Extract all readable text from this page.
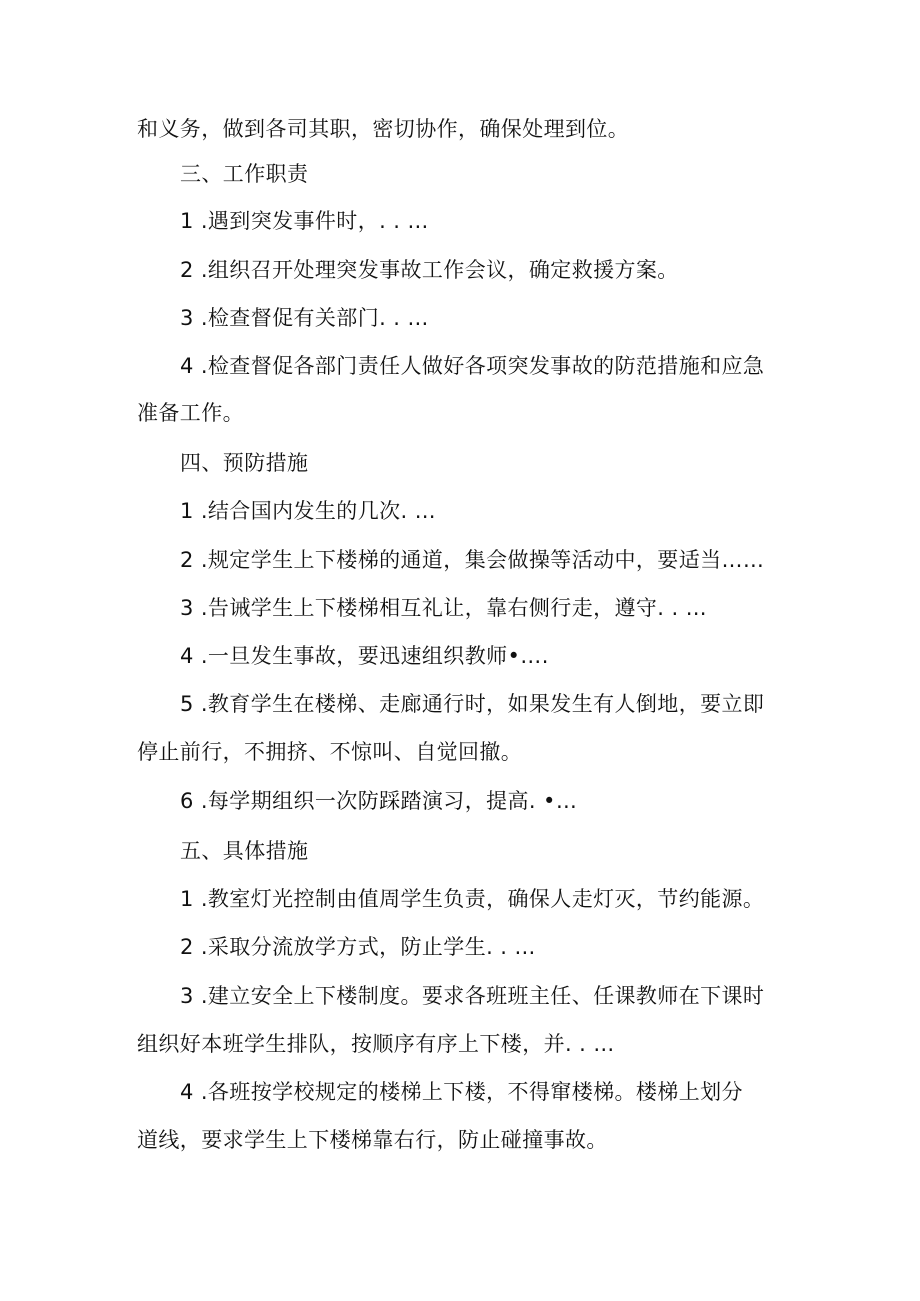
和义务，做到各司其职，密切协作，确保处理到位。
三、工作职责
1 .遇到突发事件时，. . …
2 .组织召开处理突发事故工作会议，确定救援方案。
3 .检查督促有关部门. . …
4 .检查督促各部门责任人做好各项突发事故的防范措施和应急
准备工作。
四、预防措施
1 .结合国内发生的几次. …
2 .规定学生上下楼梯的通道，集会做操等活动中，要适当……
3 .告诫学生上下楼梯相互礼让，靠右侧行走，遵守. . …
4 .一旦发生事故，要迅速组织教师•….
5 .教育学生在楼梯、走廊通行时，如果发生有人倒地，要立即
停止前行，不拥挤、不惊叫、自觉回撤。
6 .每学期组织一次防踩踏演习，提高. •…
五、具体措施
1 .教室灯光控制由值周学生负责，确保人走灯灭，节约能源。
2 .采取分流放学方式，防止学生. . …
3 .建立安全上下楼制度。要求各班班主任、任课教师在下课时
组织好本班学生排队，按顺序有序上下楼，并. . …
4 .各班按学校规定的楼梯上下楼，不得窜楼梯。楼梯上划分
道线，要求学生上下楼梯靠右行，防止碰撞事故。
